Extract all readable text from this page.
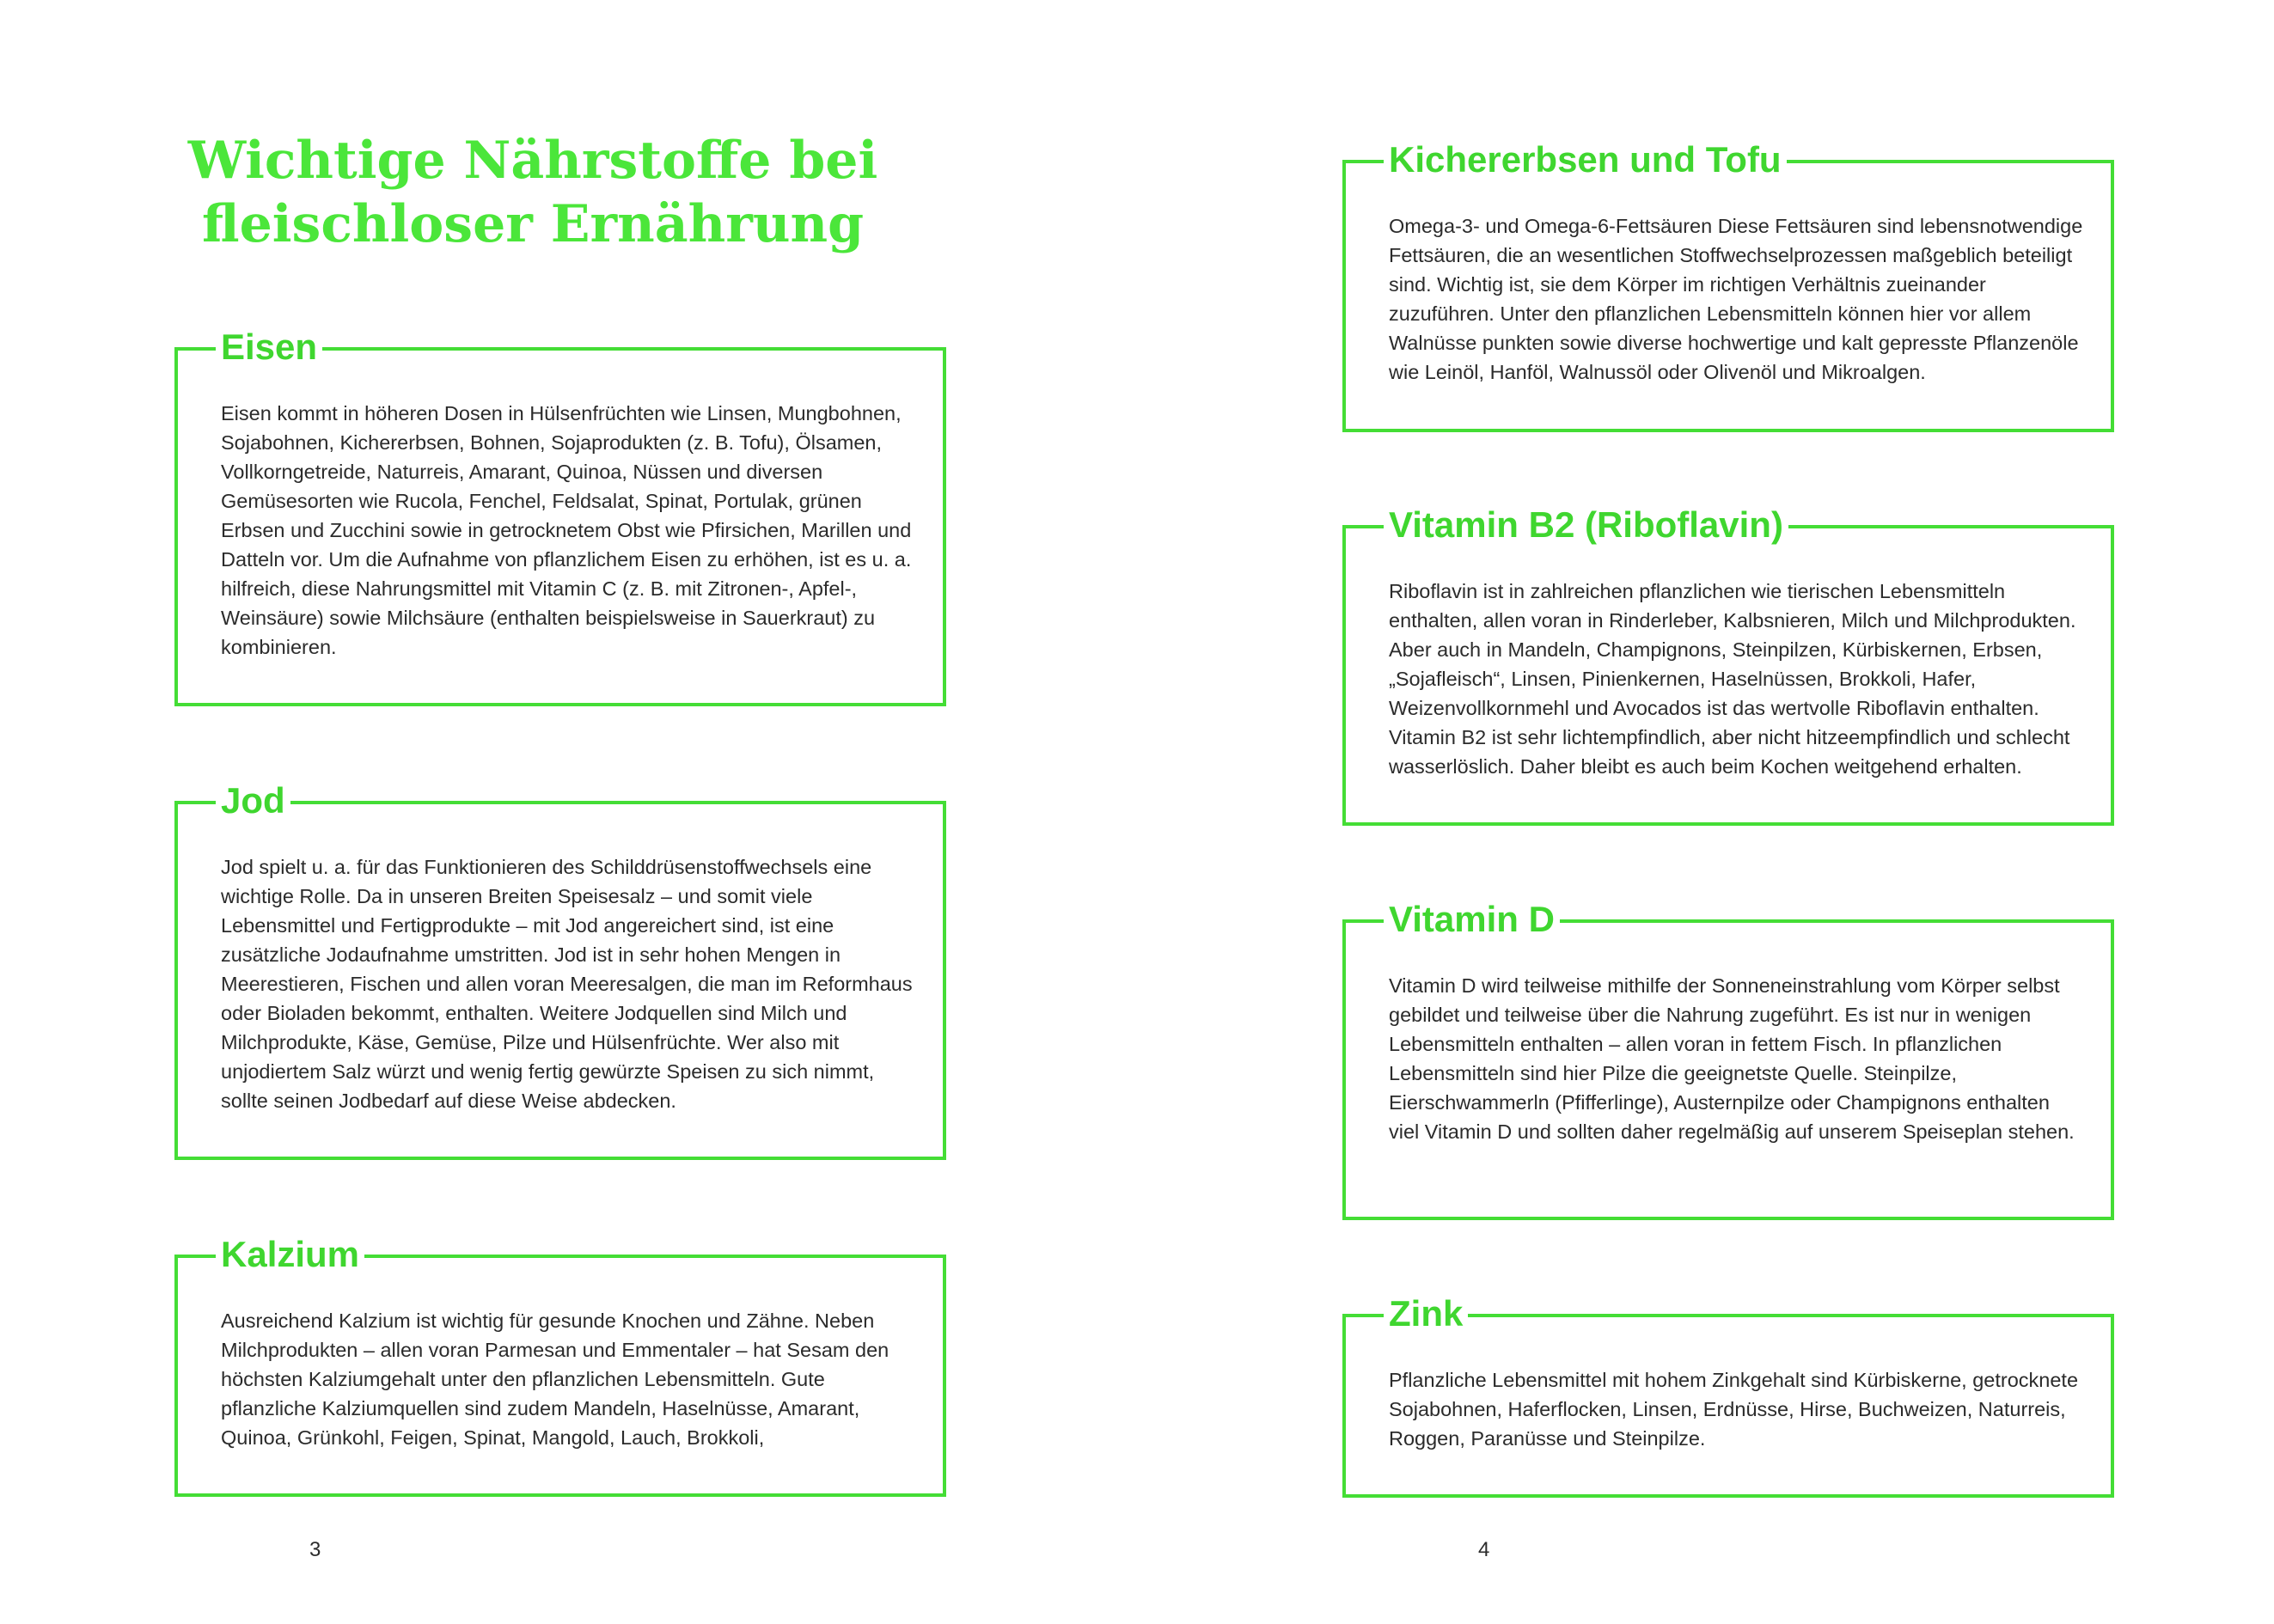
Wichtige Nährstoffe bei
fleischloser Ernährung
Eisen

Eisen kommt in höheren Dosen in Hülsenfrüchten wie Linsen, Mungbohnen, Sojabohnen, Kichererbsen, Bohnen, Sojaprodukten (z. B. Tofu), Ölsamen, Vollkorngetreide, Naturreis, Amarant, Quinoa, Nüssen und diversen Gemüsesorten wie Rucola, Fenchel, Feldsalat, Spinat, Portulak, grünen Erbsen und Zucchini sowie in getrocknetem Obst wie Pfirsichen, Marillen und Datteln vor. Um die Aufnahme von pflanzlichem Eisen zu erhöhen, ist es u. a. hilfreich, diese Nahrungsmittel mit Vitamin C (z. B. mit Zitronen-, Apfel-, Weinsäure) sowie Milchsäure (enthalten beispielsweise in Sauerkraut) zu kombinieren.

Jod

Jod spielt u. a. für das Funktionieren des Schilddrüsenstoffwechsels eine wichtige Rolle. Da in unseren Breiten Speisesalz – und somit viele Lebensmittel und Fertigprodukte – mit Jod angereichert sind, ist eine zusätzliche Jodaufnahme umstritten. Jod ist in sehr hohen Mengen in Meerestieren, Fischen und allen voran Meeresalgen, die man im Reformhaus oder Bioladen bekommt, enthalten. Weitere Jodquellen sind Milch und Milchprodukte, Käse, Gemüse, Pilze und Hülsenfrüchte. Wer also mit unjodiertem Salz würzt und wenig fertig gewürzte Speisen zu sich nimmt, sollte seinen Jodbedarf auf diese Weise abdecken.

Kalzium

Ausreichend Kalzium ist wichtig für gesunde Knochen und Zähne. Neben Milchprodukten – allen voran Parmesan und Emmentaler – hat Sesam den höchsten Kalziumgehalt unter den pflanzlichen Lebensmitteln. Gute pflanzliche Kalziumquellen sind zudem Mandeln, Haselnüsse, Amarant, Quinoa, Grünkohl, Feigen, Spinat, Mangold, Lauch, Brokkoli,

3
Kichererbsen und Tofu

Omega-3- und Omega-6-Fettsäuren Diese Fettsäuren sind lebensnotwendige Fettsäuren, die an wesentlichen Stoffwechselprozessen maßgeblich beteiligt sind. Wichtig ist, sie dem Körper im richtigen Verhältnis zueinander zuzuführen. Unter den pflanzlichen Lebensmitteln können hier vor allem Walnüsse punkten sowie diverse hochwertige und kalt gepresste Pflanzenöle wie Leinöl, Hanföl, Walnussöl oder Olivenöl und Mikroalgen.

Vitamin B2 (Riboflavin)

Riboflavin ist in zahlreichen pflanzlichen wie tierischen Lebensmitteln enthalten, allen voran in Rinderleber, Kalbsnieren, Milch und Milchprodukten. Aber auch in Mandeln, Champignons, Steinpilzen, Kürbiskernen, Erbsen, „Sojafleisch“, Linsen, Pinienkernen, Haselnüssen, Brokkoli, Hafer, Weizenvollkornmehl und Avocados ist das wertvolle Riboflavin enthalten. Vitamin B2 ist sehr lichtempfindlich, aber nicht hitzeempfindlich und schlecht wasserlöslich. Daher bleibt es auch beim Kochen weitgehend erhalten.

Vitamin D

Vitamin D wird teilweise mithilfe der Sonneneinstrahlung vom Körper selbst gebildet und teilweise über die Nahrung zugeführt. Es ist nur in wenigen Lebensmitteln enthalten – allen voran in fettem Fisch. In pflanzlichen Lebensmitteln sind hier Pilze die geeignetste Quelle. Steinpilze, Eierschwammerln (Pfifferlinge), Austernpilze oder Champignons enthalten viel Vitamin D und sollten daher regelmäßig auf unserem Speiseplan stehen.

Zink

Pflanzliche Lebensmittel mit hohem Zinkgehalt sind Kürbiskerne, getrocknete Sojabohnen, Haferflocken, Linsen, Erdnüsse, Hirse, Buchweizen, Naturreis, Roggen, Paranüsse und Steinpilze.

4
